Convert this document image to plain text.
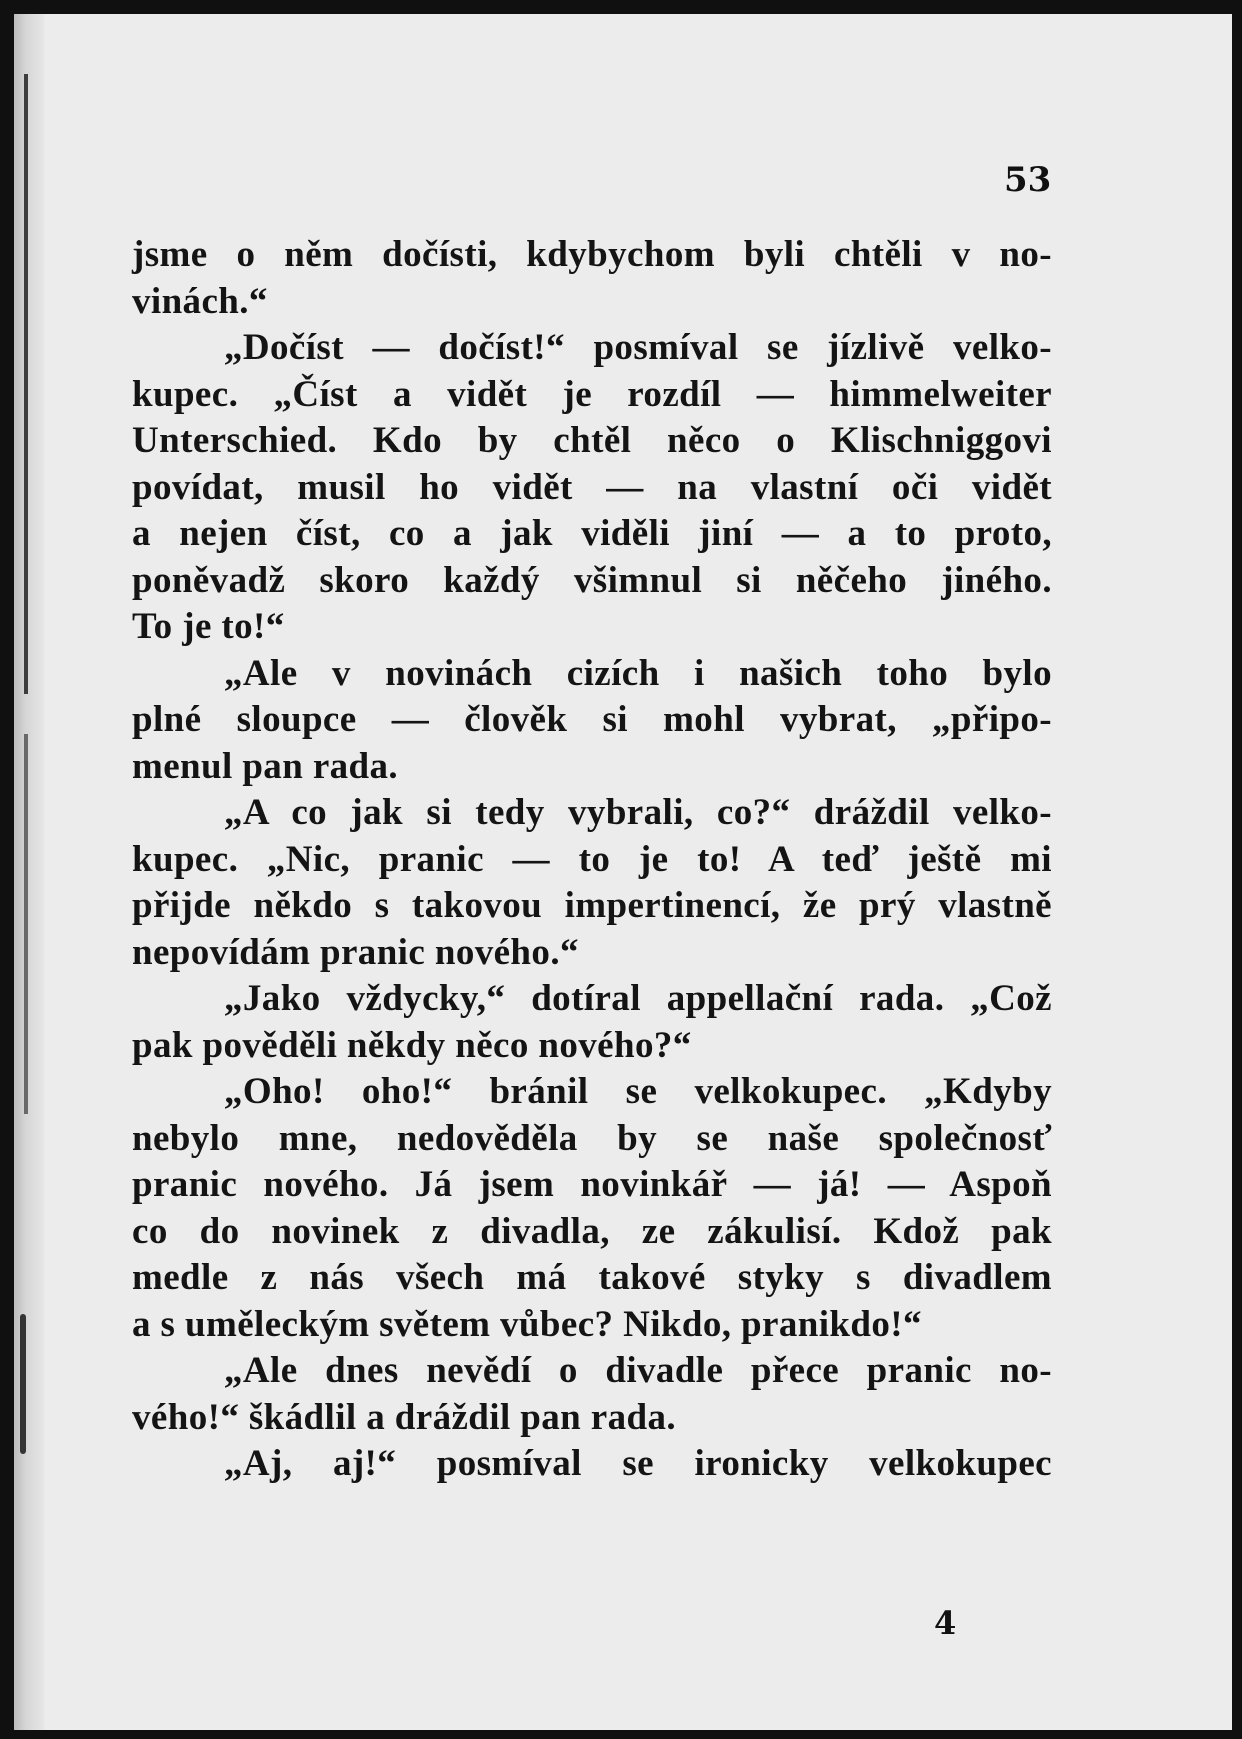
53
jsme o něm dočísti, kdybychom byli chtěli v no-
vinách.“
„Dočíst — dočíst!“ posmíval se jízlivě velko-
kupec. „Číst a vidět je rozdíl — himmelweiter
Unterschied. Kdo by chtěl něco o Klischniggovi
povídat, musil ho vidět — na vlastní oči vidět
a nejen číst, co a jak viděli jiní — a to proto,
poněvadž skoro každý všimnul si něčeho jiného.
To je to!“
„Ale v novinách cizích i našich toho bylo
plné sloupce — člověk si mohl vybrat, „připo-
menul pan rada.
„A co jak si tedy vybrali, co?“ dráždil velko-
kupec. „Nic, pranic — to je to! A teď ještě mi
přijde někdo s takovou impertinencí, že prý vlastně
nepovídám pranic nového.“
„Jako vždycky,“ dotíral appellační rada. „Což
pak pověděli někdy něco nového?“
„Oho! oho!“ bránil se velkokupec. „Kdyby
nebylo mne, nedověděla by se naše společnosť
pranic nového. Já jsem novinkář — já! — Aspoň
co do novinek z divadla, ze zákulisí. Kdož pak
medle z nás všech má takové styky s divadlem
a s uměleckým světem vůbec? Nikdo, pranikdo!“
„Ale dnes nevědí o divadle přece pranic no-
vého!“ škádlil a dráždil pan rada.
„Aj, aj!“ posmíval se ironicky velkokupec
4
